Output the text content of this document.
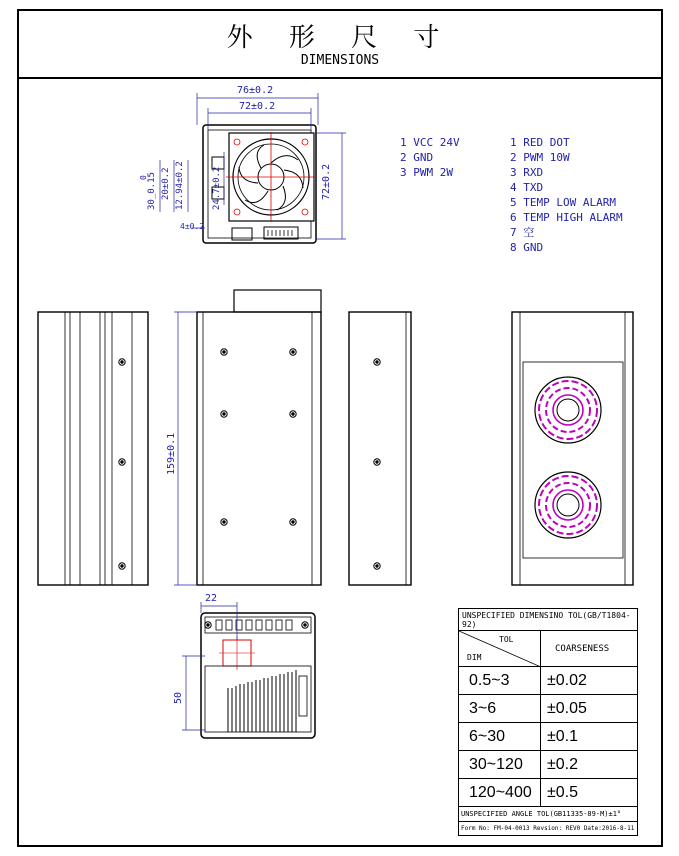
外 形 尺 寸
DIMENSIONS
76±0.2
72±0.2
72±0.2
24.7±0.2
30_0.15
0 20±0.2 12.94±0.2
4±0.2
159±0.1
22
50
1 VCC 24V
2 GND
3 PWM 2W
1 RED DOT
2 PWM 10W
3 RXD
4 TXD
5 TEMP LOW ALARM
6 TEMP HIGH ALARM
7 空
8 GND
UNSPECIFIED DIMENSINO TOL(GB/T1804-92)
TOL
DIM
COARSENESS
0.5~3	±0.02
3~6	±0.05
6~30	±0.1
30~120	±0.2
120~400 ±0.5
UNSPECIFIED ANGLE TOL(GB11335-89-M)±1°
Form No: FM-04-0013 Revsion: REV0 Date:2016-8-11
